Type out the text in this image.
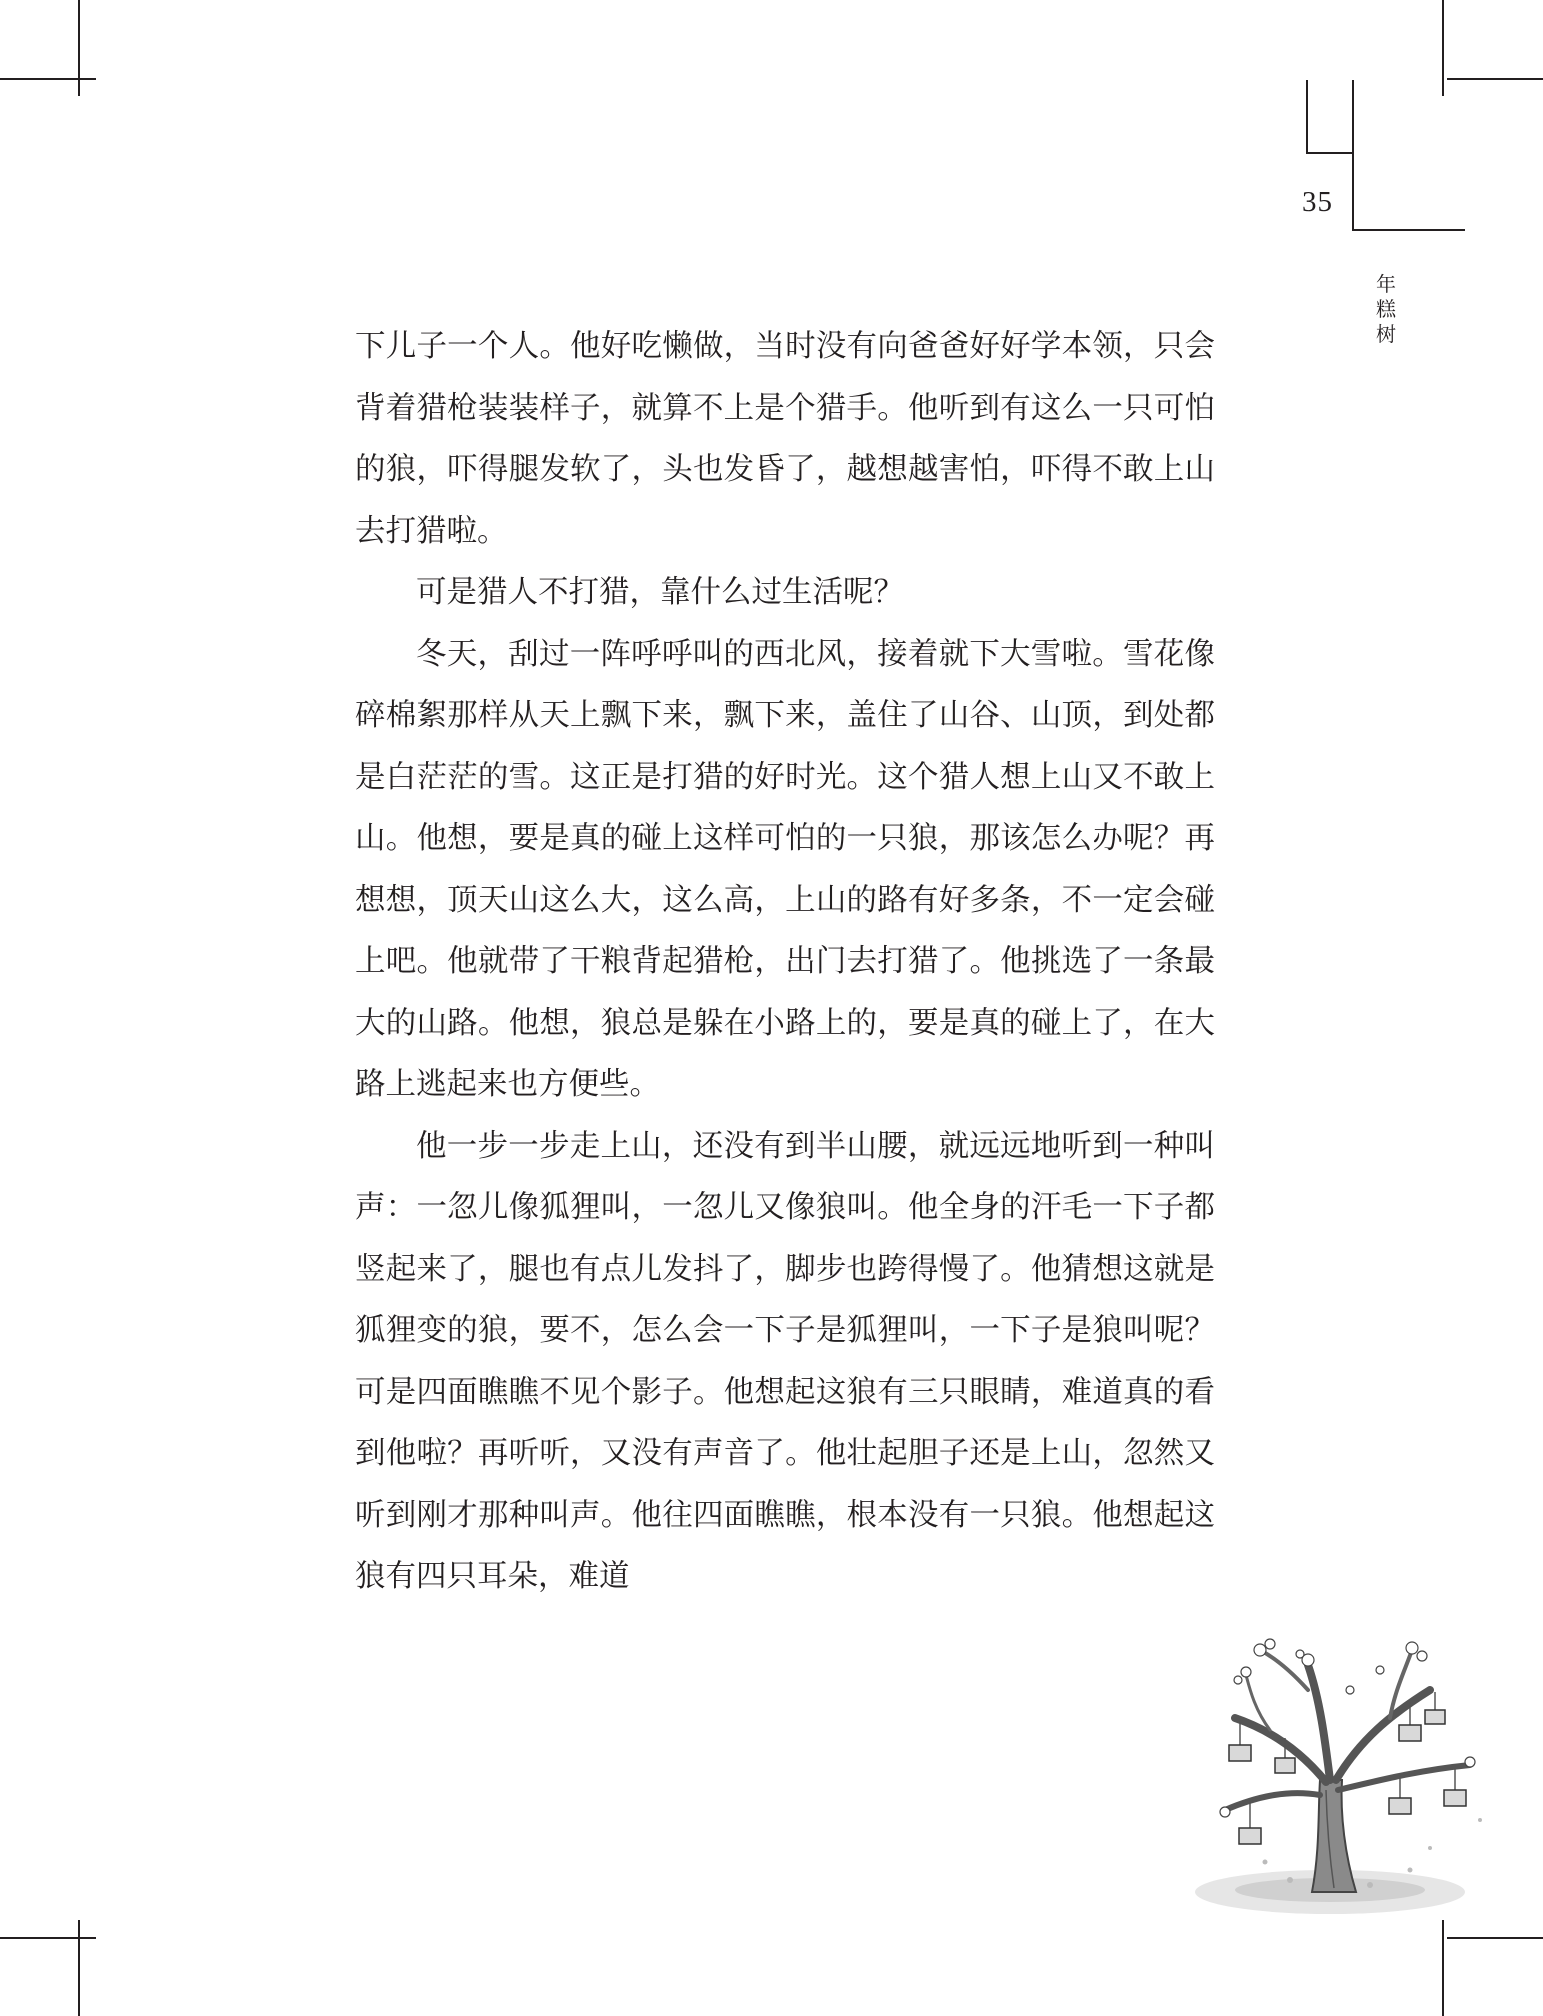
35
年糕树

下儿子一个人。他好吃懒做，当时没有向爸爸好好学本领，只会背着猎枪装装样子，就算不上是个猎手。他听到有这么一只可怕的狼，吓得腿发软了，头也发昏了，越想越害怕，吓得不敢上山去打猎啦。

可是猎人不打猎，靠什么过生活呢？

冬天，刮过一阵呼呼叫的西北风，接着就下大雪啦。雪花像碎棉絮那样从天上飘下来，飘下来，盖住了山谷、山顶，到处都是白茫茫的雪。这正是打猎的好时光。这个猎人想上山又不敢上山。他想，要是真的碰上这样可怕的一只狼，那该怎么办呢？再想想，顶天山这么大，这么高，上山的路有好多条，不一定会碰上吧。他就带了干粮背起猎枪，出门去打猎了。他挑选了一条最大的山路。他想，狼总是躲在小路上的，要是真的碰上了，在大路上逃起来也方便些。

他一步一步走上山，还没有到半山腰，就远远地听到一种叫声：一忽儿像狐狸叫，一忽儿又像狼叫。他全身的汗毛一下子都竖起来了，腿也有点儿发抖了，脚步也跨得慢了。他猜想这就是狐狸变的狼，要不，怎么会一下子是狐狸叫，一下子是狼叫呢？可是四面瞧瞧不见个影子。他想起这狼有三只眼睛，难道真的看到他啦？再听听，又没有声音了。他壮起胆子还是上山，忽然又听到刚才那种叫声。他往四面瞧瞧，根本没有一只狼。他想起这狼有四只耳朵，难道
